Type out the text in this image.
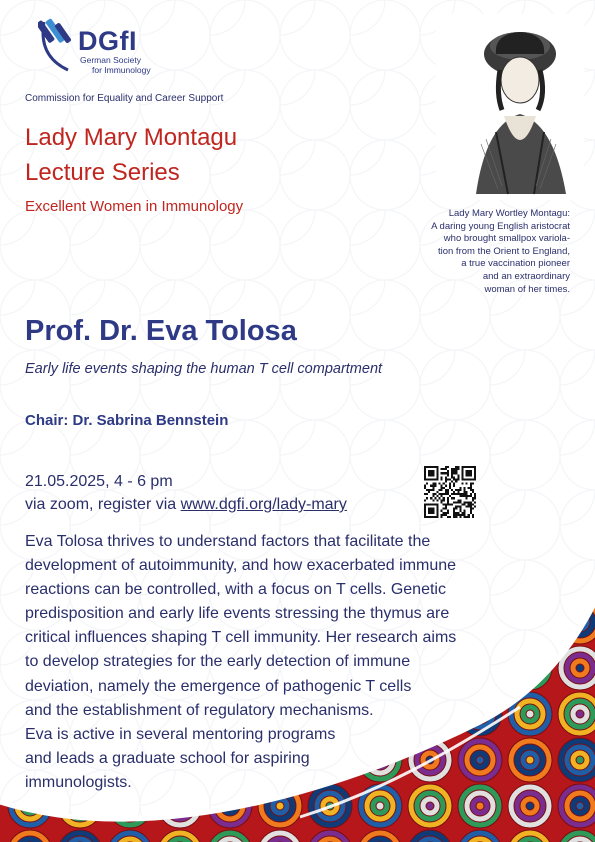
DGfI
German Society
for Immunology
Commission for Equality and Career Support
Lady Mary Montagu
Lecture Series
Excellent Women in Immunology	Lady Mary Wortley Montagu:
A daring young English aristocrat
who brought smallpox variola-
tion from the Orient to England,
a true vaccination pioneer
and an extraordinary
woman of her times.
Prof. Dr. Eva Tolosa
Early life events shaping the human T cell compartment
Chair: Dr. Sabrina Bennstein
21.05.2025, 4 - 6 pm
via zoom, register via www.dgfi.org/lady-mary

Eva Tolosa thrives to understand factors that facilitate the

development of autoimmunity, and how exacerbated immune

reactions can be controlled, with a focus on T cells. Genetic

predisposition and early life events stressing the thymus are

critical influences shaping T cell immunity. Her research aims

to develop strategies for the early detection of immune

deviation, namely the emergence of pathogenic T cells

and the establishment of regulatory mechanisms.

Eva is active in several mentoring programs

and leads a graduate school for aspiring

immunologists.
